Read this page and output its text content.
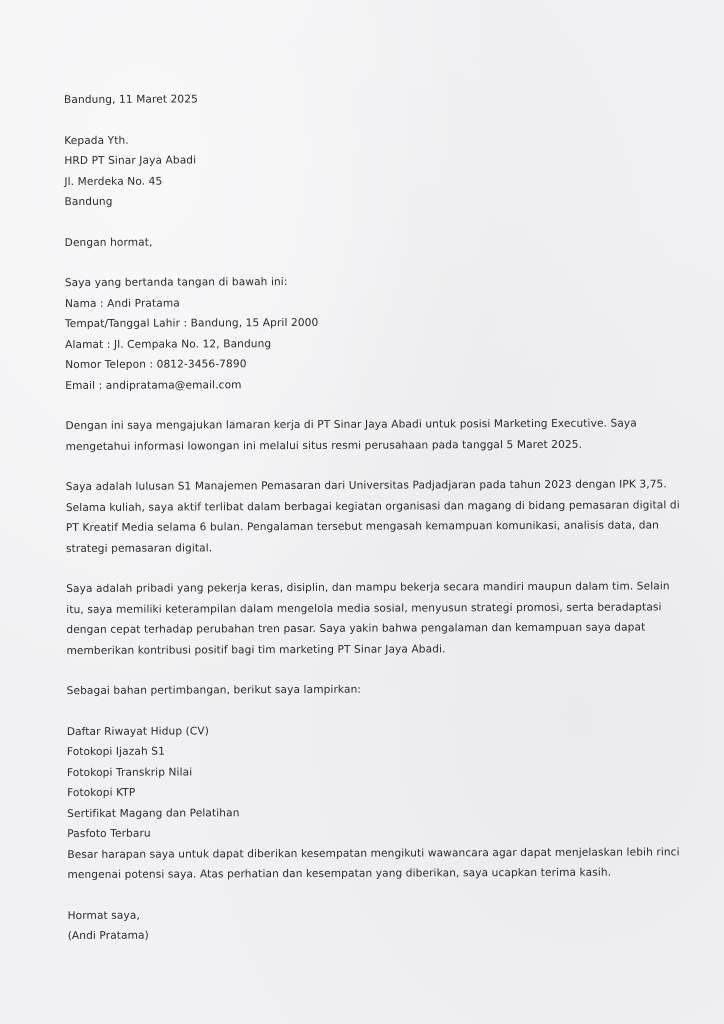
Bandung, 11 Maret 2025
Kepada Yth.
HRD PT Sinar Jaya Abadi
Jl. Merdeka No. 45
Bandung
Dengan hormat,
Saya yang bertanda tangan di bawah ini:
Nama : Andi Pratama
Tempat/Tanggal Lahir : Bandung, 15 April 2000
Alamat : Jl. Cempaka No. 12, Bandung
Nomor Telepon : 0812-3456-7890
Email : andipratama@email.com
Dengan ini saya mengajukan lamaran kerja di PT Sinar Jaya Abadi untuk posisi Marketing Executive. Saya mengetahui informasi lowongan ini melalui situs resmi perusahaan pada tanggal 5 Maret 2025.
Saya adalah lulusan S1 Manajemen Pemasaran dari Universitas Padjadjaran pada tahun 2023 dengan IPK 3,75. Selama kuliah, saya aktif terlibat dalam berbagai kegiatan organisasi dan magang di bidang pemasaran digital di PT Kreatif Media selama 6 bulan. Pengalaman tersebut mengasah kemampuan komunikasi, analisis data, dan strategi pemasaran digital.
Saya adalah pribadi yang pekerja keras, disiplin, dan mampu bekerja secara mandiri maupun dalam tim. Selain itu, saya memiliki keterampilan dalam mengelola media sosial, menyusun strategi promosi, serta beradaptasi dengan cepat terhadap perubahan tren pasar. Saya yakin bahwa pengalaman dan kemampuan saya dapat memberikan kontribusi positif bagi tim marketing PT Sinar Jaya Abadi.
Sebagai bahan pertimbangan, berikut saya lampirkan:
Daftar Riwayat Hidup (CV)
Fotokopi Ijazah S1
Fotokopi Transkrip Nilai
Fotokopi KTP
Sertifikat Magang dan Pelatihan
Pasfoto Terbaru
Besar harapan saya untuk dapat diberikan kesempatan mengikuti wawancara agar dapat menjelaskan lebih rinci mengenai potensi saya. Atas perhatian dan kesempatan yang diberikan, saya ucapkan terima kasih.
Hormat saya,
(Andi Pratama)
